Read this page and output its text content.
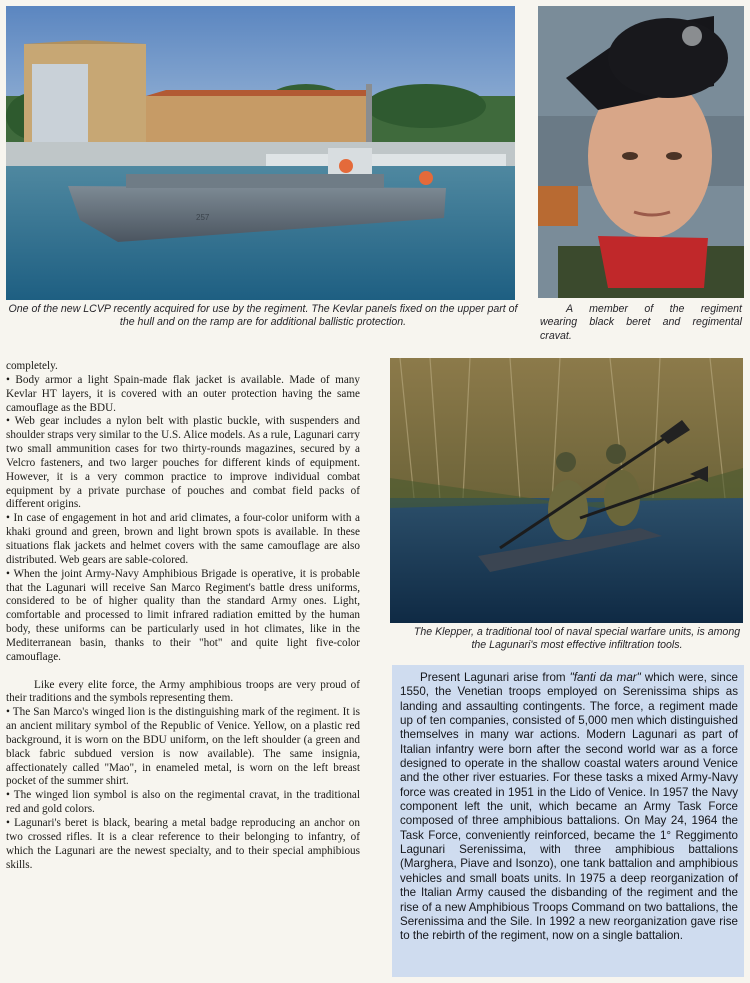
257
One of the new LCVP recently acquired for use by the regiment. The Kevlar panels fixed on the upper part of the hull and on the ramp are for additional ballistic protection.
A member of the regiment
wearing black beret and regimental
cravat.
The Klepper, a traditional tool of naval special warfare units, is among the Lagunari's most effective infiltration tools.

completely.

• Body armor a light Spain-made flak jacket is available. Made of many Kevlar HT layers, it is covered with an outer protection having the same camouflage as the BDU.

• Web gear includes a nylon belt with plastic buckle, with suspenders and shoulder straps very similar to the U.S. Alice models. As a rule, Lagunari carry two small ammunition cases for two thirty-rounds magazines, secured by a Velcro fasteners, and two larger pouches for different kinds of equipment. However, it is a very common practice to improve individual combat equipment by a private purchase of pouches and combat field packs of different origins.

• In case of engagement in hot and arid climates, a four-color uniform with a khaki ground and green, brown and light brown spots is available. In these situations flak jackets and helmet covers with the same camouflage are also distributed. Web gears are sable-colored.

• When the joint Army-Navy Amphibious Brigade is operative, it is probable that the Lagunari will receive San Marco Regiment's battle dress uniforms, considered to be of higher quality than the standard Army ones. Light, comfortable and processed to limit infrared radiation emitted by the human body, these uniforms can be particularly used in hot climates, like in the Mediterranean basin, thanks to their "hot" and quite light five-color camouflage.

Like every elite force, the Army amphibious troops are very proud of their traditions and the symbols representing them.

• The San Marco's winged lion is the distinguishing mark of the regiment. It is an ancient military symbol of the Republic of Venice. Yellow, on a plastic red background, it is worn on the BDU uniform, on the left shoulder (a green and black fabric subdued version is now available). The same insignia, affectionately called "Mao", in enameled metal, is worn on the left breast pocket of the summer shirt.

• The winged lion symbol is also on the regimental cravat, in the traditional red and gold colors.

• Lagunari's beret is black, bearing a metal badge reproducing an anchor on two crossed rifles. It is a clear reference to their belonging to infantry, of which the Lagunari are the newest specialty, and to their special amphibious skills.

Present Lagunari arise from "fanti da mar" which were, since 1550, the Venetian troops employed on Serenissima ships as landing and assaulting contingents. The force, a regiment made up of ten companies, consisted of 5,000 men which distinguished themselves in many war actions. Modern Lagunari as part of Italian infantry were born after the second world war as a force designed to operate in the shallow coastal waters around Venice and the other river estuaries. For these tasks a mixed Army-Navy force was created in 1951 in the Lido of Venice. In 1957 the Navy component left the unit, which became an Army Task Force composed of three amphibious battalions. On May 24, 1964 the Task Force, conveniently reinforced, became the 1° Reggimento Lagunari Serenissima, with three amphibious battalions (Marghera, Piave and Isonzo), one tank battalion and amphibious vehicles and small boats units. In 1975 a deep reorganization of the Italian Army caused the disbanding of the regiment and the rise of a new Amphibious Troops Command on two battalions, the Serenissima and the Sile. In 1992 a new reorganization gave rise to the rebirth of the regiment, now on a single battalion.
